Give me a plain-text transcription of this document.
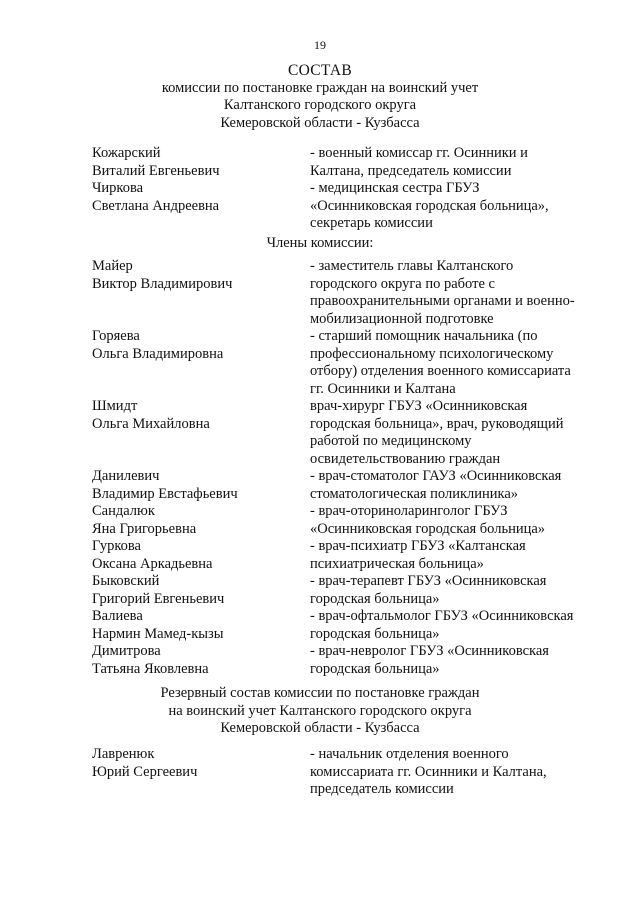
19
СОСТАВ
комиссии по постановке граждан на воинский учет
Калтанского городского округа
Кемеровской области - Кузбасса
Кожарский
Виталий Евгеньевич
- военный комиссар гг. Осинники и
Калтана, председатель комиссии
Чиркова
Светлана Андреевна
- медицинская сестра ГБУЗ
«Осинниковская городская больница»,
секретарь комиссии
Члены комиссии:
Майер
Виктор Владимирович
- заместитель главы Калтанского
городского округа по работе с
правоохранительными органами и военно-
мобилизационной подготовке
Горяева
Ольга Владимировна
- старший помощник начальника (по
профессиональному психологическому
отбору) отделения военного комиссариата
гг. Осинники и Калтана
Шмидт
Ольга Михайловна
врач-хирург ГБУЗ «Осинниковская
городская больница», врач, руководящий
работой по медицинскому
освидетельствованию граждан
Данилевич
Владимир Евстафьевич
- врач-стоматолог ГАУЗ «Осинниковская
стоматологическая поликлиника»
Сандалюк
Яна Григорьевна
- врач-оториноларинголог ГБУЗ
«Осинниковская городская больница»
Гуркова
Оксана Аркадьевна
- врач-психиатр ГБУЗ «Калтанская
психиатрическая больница»
Быковский
Григорий Евгеньевич
- врач-терапевт ГБУЗ «Осинниковская
городская больница»
Валиева
Нармин Мамед-кызы
- врач-офтальмолог ГБУЗ «Осинниковская
городская больница»
Димитрова
Татьяна Яковлевна
- врач-невролог ГБУЗ «Осинниковская
городская больница»
Резервный состав комиссии по постановке граждан
на воинский учет Калтанского городского округа
Кемеровской области - Кузбасса
Лавренюк
Юрий Сергеевич
- начальник отделения военного
комиссариата гг. Осинники и Калтана,
председатель комиссии
